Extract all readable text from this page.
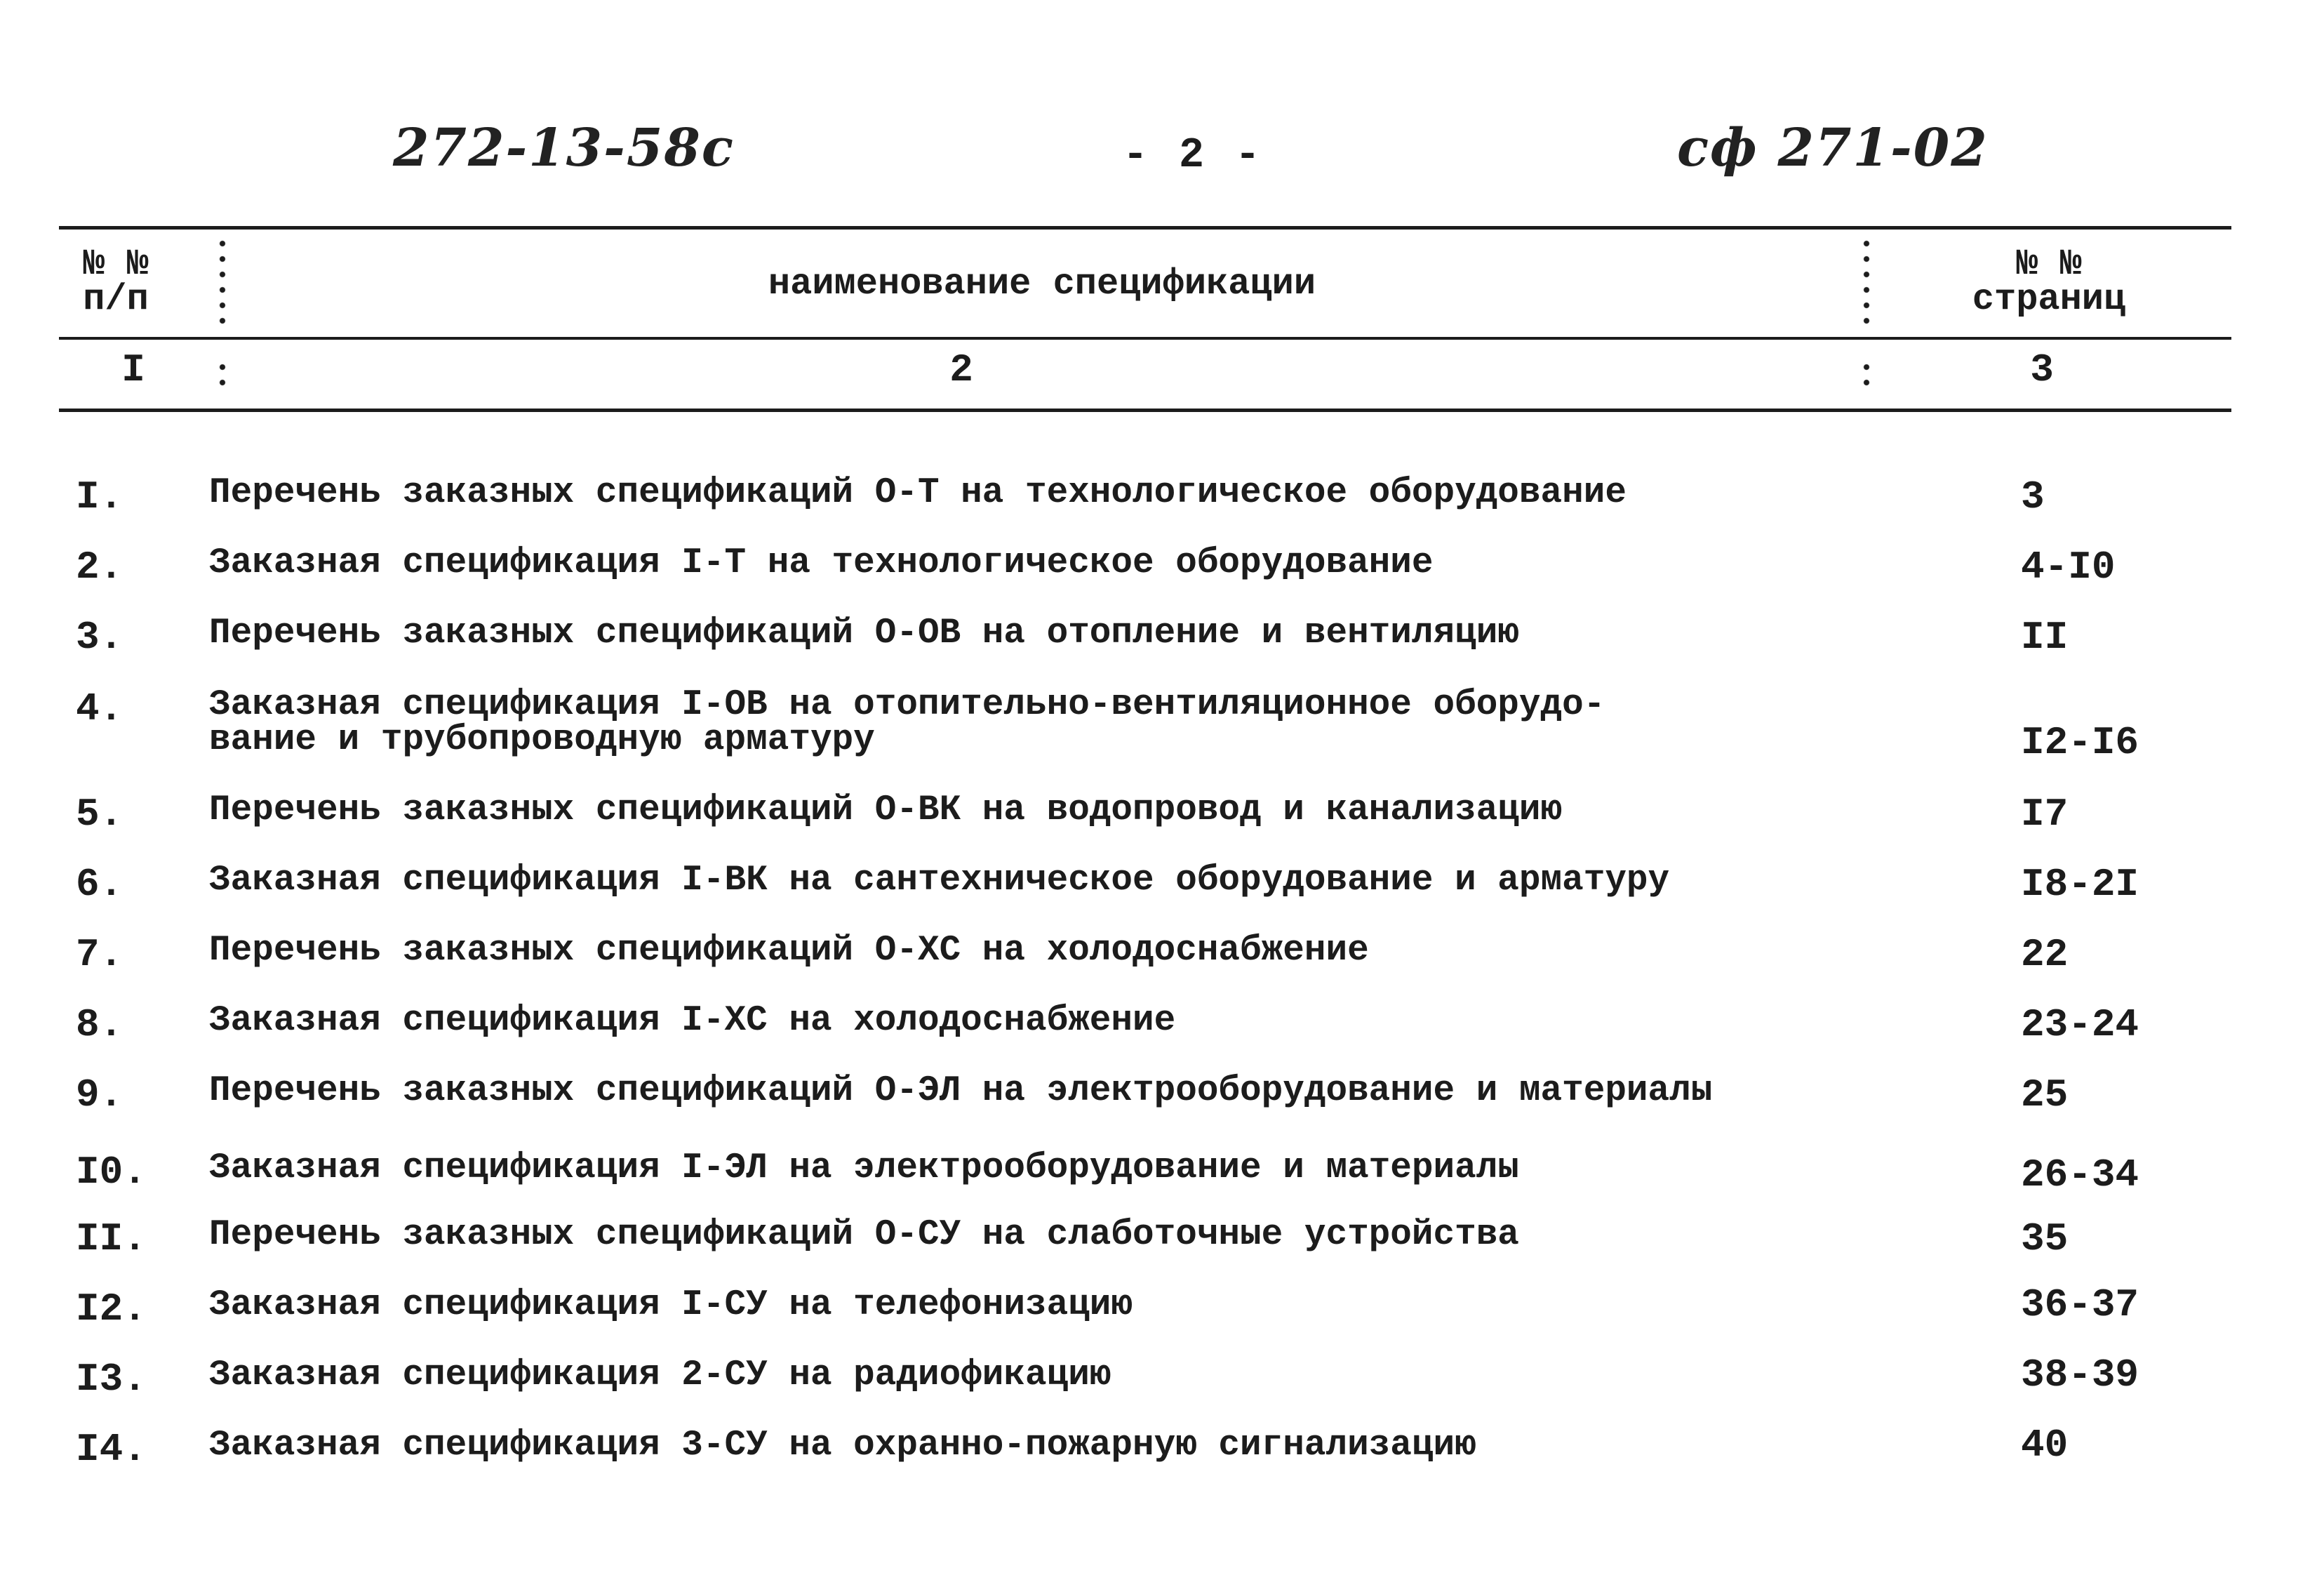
272-13-58с	- 2 -	сф 271-02
№ №
п/п	наименование спецификации	№ №
страниц
I	2	3
I. Перечень заказных спецификаций О-Т на технологическое оборудование	3
2. Заказная спецификация I-Т на технологическое оборудование	4-I0
3. Перечень заказных спецификаций О-ОВ на отопление и вентиляцию	II
4. Заказная спецификация I-ОВ на отопительно-вентиляционное оборудо-
вание и трубопроводную арматуру	I2-I6
5. Перечень заказных спецификаций О-ВК на водопровод и канализацию	I7
6. Заказная спецификация I-ВК на сантехническое оборудование и арматуру	I8-2I
7. Перечень заказных спецификаций О-ХС на холодоснабжение	22
8. Заказная спецификация I-ХС на холодоснабжение	23-24
9. Перечень заказных спецификаций О-ЭЛ на электрооборудование и материалы	25
I0. Заказная спецификация I-ЭЛ на электрооборудование и материалы	26-34
II. Перечень заказных спецификаций О-СУ на слаботочные устройства	35
I2. Заказная спецификация I-СУ на телефонизацию	36-37
I3. Заказная спецификация 2-СУ на радиофикацию	38-39
I4. Заказная спецификация 3-СУ на охранно-пожарную сигнализацию	40
